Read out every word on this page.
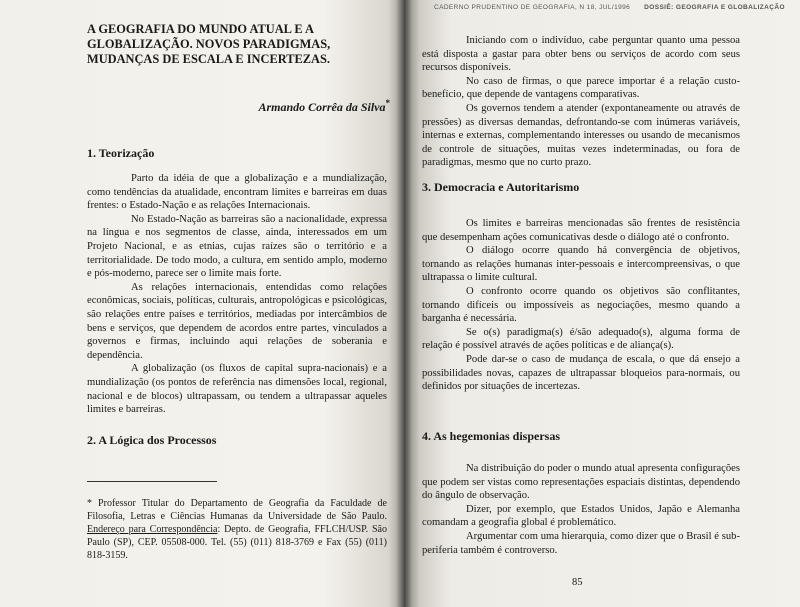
A GEOGRAFIA DO MUNDO ATUAL E A
GLOBALIZAÇÃO. NOVOS PARADIGMAS,
MUDANÇAS DE ESCALA E INCERTEZAS.

Armando Corrêa da Silva*

1. Teorização

Parto da idéia de que a globalização e a mundialização, como tendências da atualidade, encontram limites e barreiras em duas frentes: o Estado-Nação e as relações Internacionais.

No Estado-Nação as barreiras são a nacionalidade, expressa na língua e nos segmentos de classe, ainda, interessados em um Projeto Nacional, e as etnias, cujas raízes são o território e a territorialidade. De todo modo, a cultura, em sentido amplo, moderno e pós-moderno, parece ser o limite mais forte.

As relações internacionais, entendidas como relações econômicas, sociais, políticas, culturais, antropológicas e psicológicas, são relações entre países e territórios, mediadas por intercâmbios de bens e serviços, que dependem de acordos entre partes, vinculados a governos e firmas, incluindo aqui relações de soberania e dependência.

A globalização (os fluxos de capital supra-nacionais) e a mundialização (os pontos de referência nas dimensões local, regional, nacional e de blocos) ultrapassam, ou tendem a ultrapassar aqueles limites e barreiras.

2. A Lógica dos Processos

* Professor Titular do Departamento de Geografia da Faculdade de Filosofia, Letras e Ciências Humanas da Universidade de São Paulo. Endereço para Correspondência: Depto. de Geografia, FFLCH/USP. São Paulo (SP), CEP. 05508-000. Tel. (55) (011) 818-3769 e Fax (55) (011) 818-3159.

CADERNO PRUDENTINO DE GEOGRAFIA, N 18, JUL/1996 DOSSIÊ: GEOGRAFIA E GLOBALIZAÇÃO

Iniciando com o indivíduo, cabe perguntar quanto uma pessoa está disposta a gastar para obter bens ou serviços de acordo com seus recursos disponíveis.

No caso de firmas, o que parece importar é a relação custo-benefício, que depende de vantagens comparativas.

Os governos tendem a atender (expontaneamente ou através de pressões) as diversas demandas, defrontando-se com inúmeras variáveis, internas e externas, complementando interesses ou usando de mecanismos de controle de situações, muitas vezes indeterminadas, ou fora de paradigmas, mesmo que no curto prazo.

3. Democracia e Autoritarismo

Os limites e barreiras mencionadas são frentes de resistência que desempenham ações comunicativas desde o diálogo até o confronto.

O diálogo ocorre quando há convergência de objetivos, tornando as relações humanas inter-pessoais e intercompreensivas, o que ultrapassa o limite cultural.

O confronto ocorre quando os objetivos são conflitantes, tornando difíceis ou impossíveis as negociações, mesmo quando a barganha é necessária.

Se o(s) paradigma(s) é/são adequado(s), alguma forma de relação é possível através de ações políticas e de aliança(s).

Pode dar-se o caso de mudança de escala, o que dá ensejo a possibilidades novas, capazes de ultrapassar bloqueios para-normais, ou definidos por situações de incertezas.

4. As hegemonias dispersas

Na distribuição do poder o mundo atual apresenta configurações que podem ser vistas como representações espaciais distintas, dependendo do ângulo de observação.

Dizer, por exemplo, que Estados Unidos, Japão e Alemanha comandam a geografia global é problemático.

Argumentar com uma hierarquia, como dizer que o Brasil é sub-periferia também é controverso.

85
